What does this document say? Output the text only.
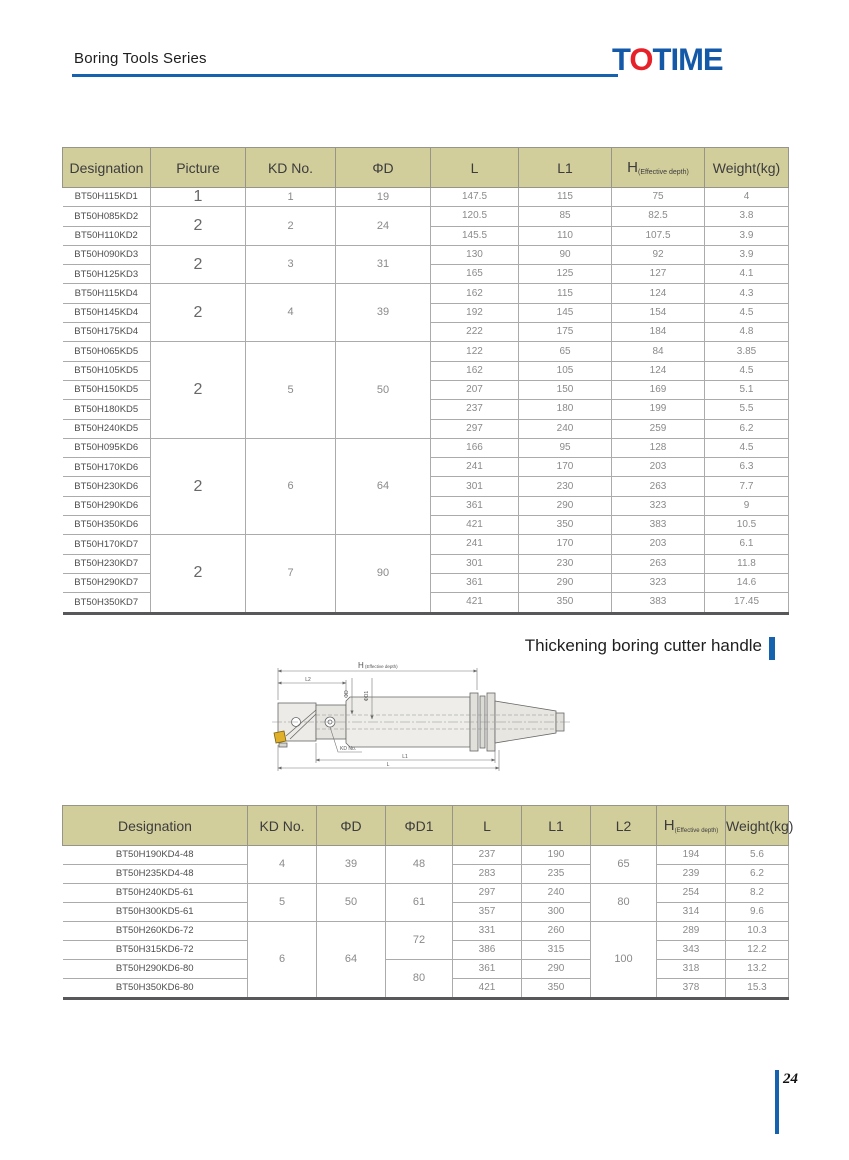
Boring Tools Series	TOTIME
Designation	Picture	KD No.	ΦD	L	L1	H(Effective depth)	Weight(kg)
BT50H115KD1	1	1	19	147.5	115	75	4
BT50H085KD2	2	2	24	120.5	85	82.5	3.8
BT50H110KD2				145.5	110	107.5	3.9
BT50H090KD3	2	3	31	130	90	92	3.9
BT50H125KD3				165	125	127	4.1
BT50H115KD4	2	4	39	162	115	124	4.3
BT50H145KD4				192	145	154	4.5
BT50H175KD4				222	175	184	4.8
BT50H065KD5	2	5	50	122	65	84	3.85
BT50H105KD5				162	105	124	4.5
BT50H150KD5				207	150	169	5.1
BT50H180KD5				237	180	199	5.5
BT50H240KD5				297	240	259	6.2
BT50H095KD6	2	6	64	166	95	128	4.5
BT50H170KD6				241	170	203	6.3
BT50H230KD6				301	230	263	7.7
BT50H290KD6				361	290	323	9
BT50H350KD6				421	350	383	10.5
BT50H170KD7	2	7	90	241	170	203	6.1
BT50H230KD7				301	230	263	11.8
BT50H290KD7				361	290	323	14.6
BT50H350KD7				421	350	383	17.45
Thickening boring cutter handle
H (Effective depth)
L2
ΦD	ΦD1
KD No.
L1
L
Designation	KD No.	ΦD	ΦD1	L	L1	L2	H(Effective depth)	Weight(kg)
BT50H190KD4-48	4	39	48	237	190	65	194	5.6
BT50H235KD4-48				283	235		239	6.2
BT50H240KD5-61	5	50	61	297	240	80	254	8.2
BT50H300KD5-61				357	300		314	9.6
BT50H260KD6-72	6	64	72	331	260	100	289	10.3
BT50H315KD6-72				386	315		343	12.2
BT50H290KD6-80			80	361	290		318	13.2
BT50H350KD6-80				421	350		378	15.3
24
